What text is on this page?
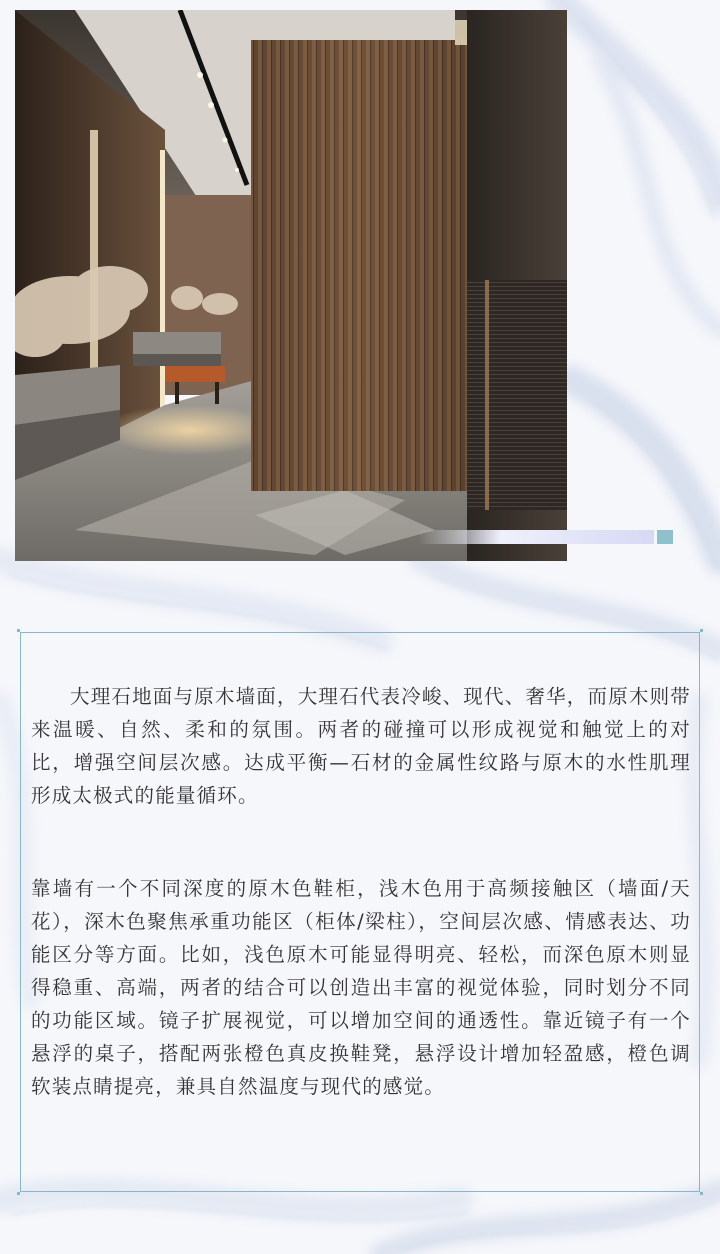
大理石地面与原木墙面，大理石代表冷峻、现代、奢华，而原木则带来温暖、自然、柔和的氛围。两者的碰撞可以形成视觉和触觉上的对比，增强空间层次感。达成平衡—石材的金属性纹路与原木的水性肌理形成太极式的能量循环。

靠墙有一个不同深度的原木色鞋柜，浅木色用于高频接触区（墙面/天花），深木色聚焦承重功能区（柜体/梁柱），空间层次感、情感表达、功能区分等方面。比如，浅色原木可能显得明亮、轻松，而深色原木则显得稳重、高端，两者的结合可以创造出丰富的视觉体验，同时划分不同的功能区域。镜子扩展视觉，可以增加空间的通透性。靠近镜子有一个悬浮的桌子，搭配两张橙色真皮换鞋凳，悬浮设计增加轻盈感，橙色调软装点睛提亮，兼具自然温度与现代的感觉。
